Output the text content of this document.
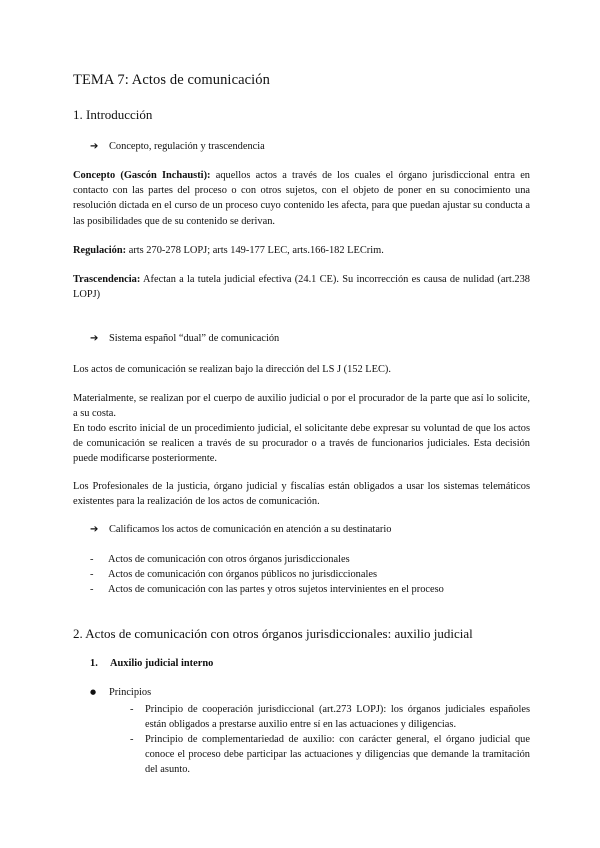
TEMA 7: Actos de comunicación
1. Introducción
➔ Concepto, regulación y trascendencia
Concepto (Gascón Inchausti): aquellos actos a través de los cuales el órgano jurisdiccional entra en contacto con las partes del proceso o con otros sujetos, con el objeto de poner en su conocimiento una resolución dictada en el curso de un proceso cuyo contenido les afecta, para que puedan ajustar su conducta a las posibilidades que de su contenido se derivan.
Regulación: arts 270-278 LOPJ; arts 149-177 LEC, arts.166-182 LECrim.
Trascendencia: Afectan a la tutela judicial efectiva (24.1 CE). Su incorrección es causa de nulidad (art.238 LOPJ)
➔ Sistema español “dual” de comunicación
Los actos de comunicación se realizan bajo la dirección del LS J (152 LEC).
Materialmente, se realizan por el cuerpo de auxilio judicial o por el procurador de la parte que así lo solicite, a su costa.
En todo escrito inicial de un procedimiento judicial, el solicitante debe expresar su voluntad de que los actos de comunicación se realicen a través de su procurador o a través de funcionarios judiciales. Esta decisión puede modificarse posteriormente.
Los Profesionales de la justicia, órgano judicial y fiscalías están obligados a usar los sistemas telemáticos existentes para la realización de los actos de comunicación.
➔ Calificamos los actos de comunicación en atención a su destinatario
-	Actos de comunicación con otros órganos jurisdiccionales
-	Actos de comunicación con órganos públicos no jurisdiccionales
-	Actos de comunicación con las partes y otros sujetos intervinientes en el proceso
2. Actos de comunicación con otros órganos jurisdiccionales: auxilio judicial
1. Auxilio judicial interno
● Principios
-	Principio de cooperación jurisdiccional (art.273 LOPJ): los órganos judiciales españoles están obligados a prestarse auxilio entre sí en las actuaciones y diligencias.
-	Principio de complementariedad de auxilio: con carácter general, el órgano judicial que conoce el proceso debe participar las actuaciones y diligencias que demande la tramitación del asunto.
